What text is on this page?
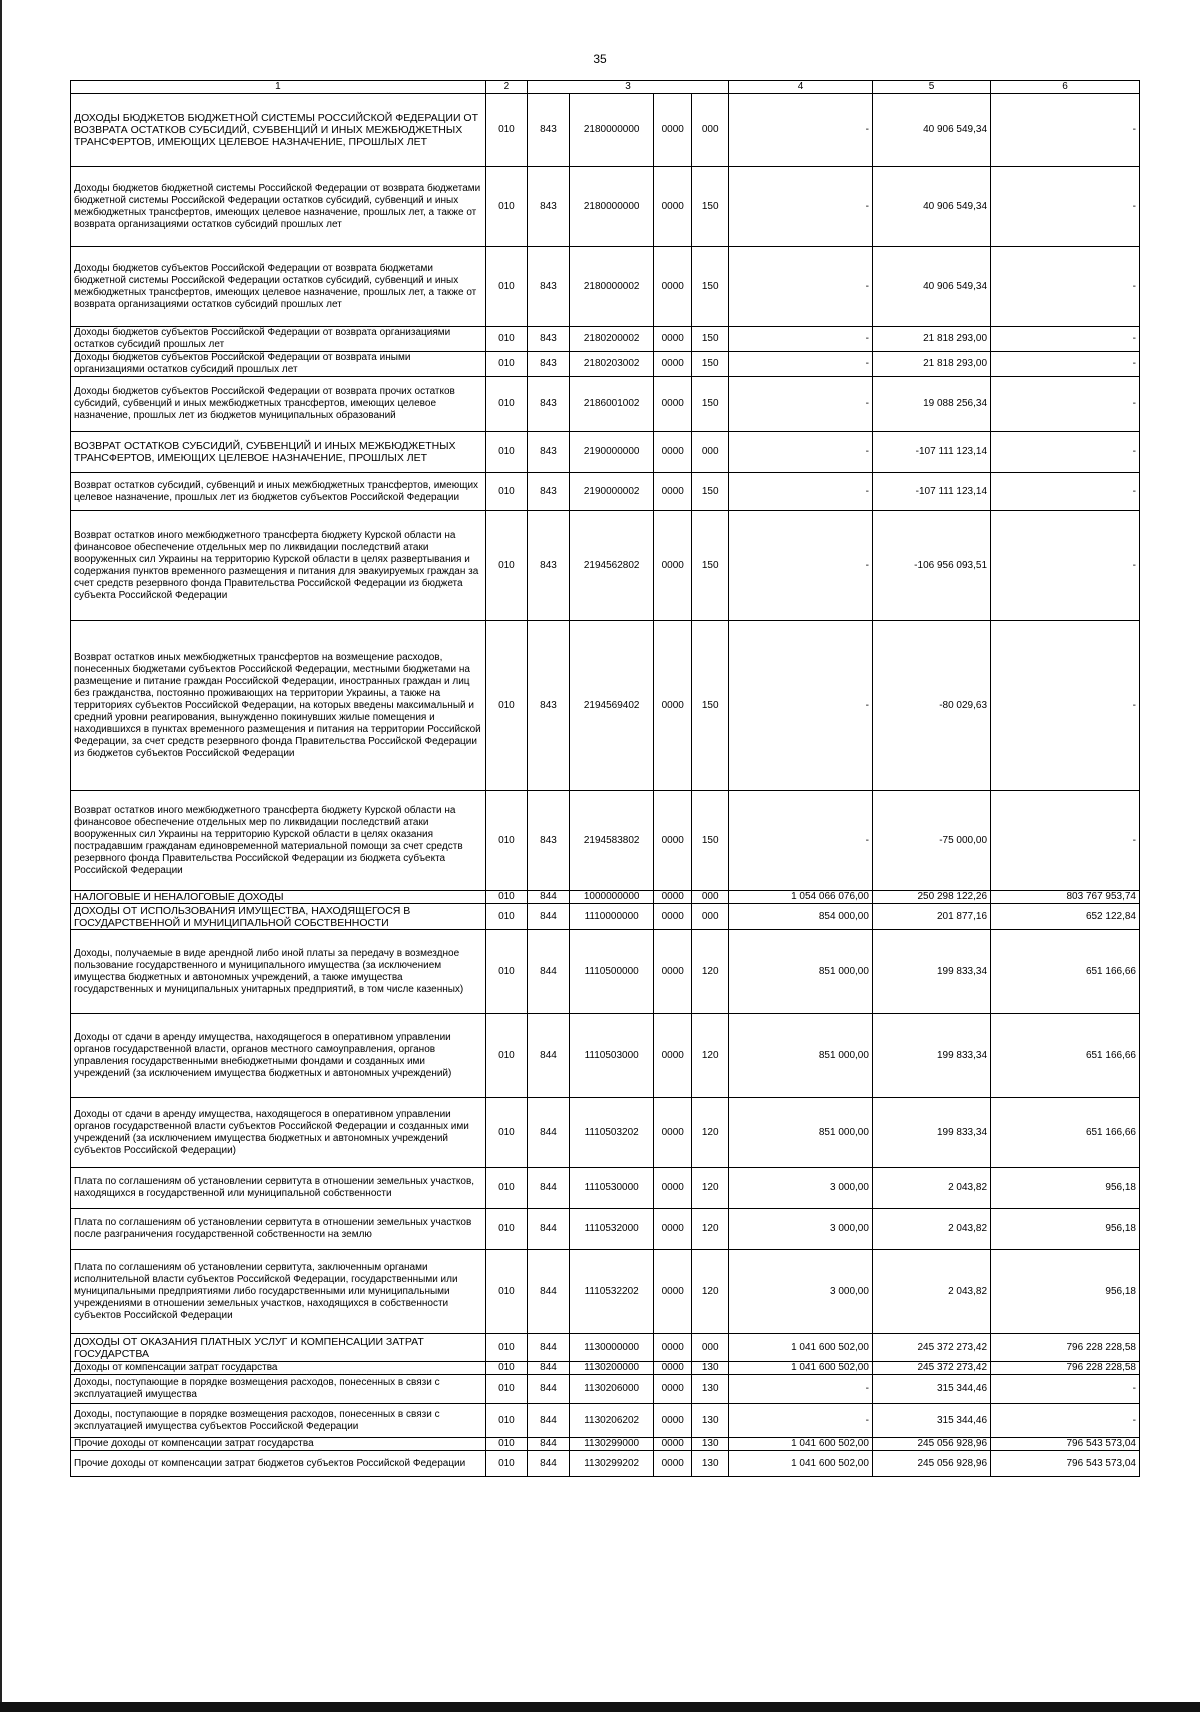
35
1	2	3				4	5	6
ДОХОДЫ БЮДЖЕТОВ БЮДЖЕТНОЙ СИСТЕМЫ РОССИЙСКОЙ ФЕДЕРАЦИИ ОТ ВОЗВРАТА ОСТАТКОВ СУБСИДИЙ, СУБВЕНЦИЙ И ИНЫХ МЕЖБЮДЖЕТНЫХ ТРАНСФЕРТОВ, ИМЕЮЩИХ ЦЕЛЕВОЕ НАЗНАЧЕНИЕ, ПРОШЛЫХ ЛЕТ	010	843	2180000000	0000	000	-	40 906 549,34	-
Доходы бюджетов бюджетной системы Российской Федерации от возврата бюджетами бюджетной системы Российской Федерации остатков субсидий, субвенций и иных межбюджетных трансфертов, имеющих целевое назначение, прошлых лет, а также от возврата организациями остатков субсидий прошлых лет	010	843	2180000000	0000	150	-	40 906 549,34	-
Доходы бюджетов субъектов Российской Федерации от возврата бюджетами бюджетной системы Российской Федерации остатков субсидий, субвенций и иных межбюджетных трансфертов, имеющих целевое назначение, прошлых лет, а также от возврата организациями остатков субсидий прошлых лет	010	843	2180000002	0000	150	-	40 906 549,34	-
Доходы бюджетов субъектов Российской Федерации от возврата организациями остатков субсидий прошлых лет	010	843	2180200002	0000	150	-	21 818 293,00	-
Доходы бюджетов субъектов Российской Федерации от возврата иными организациями остатков субсидий прошлых лет	010	843	2180203002	0000	150	-	21 818 293,00	-
Доходы бюджетов субъектов Российской Федерации от возврата прочих остатков субсидий, субвенций и иных межбюджетных трансфертов, имеющих целевое назначение, прошлых лет из бюджетов муниципальных образований	010	843	2186001002	0000	150	-	19 088 256,34	-
ВОЗВРАТ ОСТАТКОВ СУБСИДИЙ, СУБВЕНЦИЙ И ИНЫХ МЕЖБЮДЖЕТНЫХ ТРАНСФЕРТОВ, ИМЕЮЩИХ ЦЕЛЕВОЕ НАЗНАЧЕНИЕ, ПРОШЛЫХ ЛЕТ	010	843	2190000000	0000	000	-	-107 111 123,14	-
Возврат остатков субсидий, субвенций и иных межбюджетных трансфертов, имеющих целевое назначение, прошлых лет из бюджетов субъектов Российской Федерации	010	843	2190000002	0000	150	-	-107 111 123,14	-
Возврат остатков иного межбюджетного трансферта бюджету Курской области на финансовое обеспечение отдельных мер по ликвидации последствий атаки вооруженных сил Украины на территорию Курской области в целях развертывания и содержания пунктов временного размещения и питания для эвакуируемых граждан за счет средств резервного фонда Правительства Российской Федерации из бюджета субъекта Российской Федерации	010	843	2194562802	0000	150	-	-106 956 093,51	-
Возврат остатков иных межбюджетных трансфертов на возмещение расходов, понесенных бюджетами субъектов Российской Федерации, местными бюджетами на размещение и питание граждан Российской Федерации, иностранных граждан и лиц без гражданства, постоянно проживающих на территории Украины, а также на территориях субъектов Российской Федерации, на которых введены максимальный и средний уровни реагирования, вынужденно покинувших жилые помещения и находившихся в пунктах временного размещения и питания на территории Российской Федерации, за счет средств резервного фонда Правительства Российской Федерации из бюджетов субъектов Российской Федерации	010	843	2194569402	0000	150	-	-80 029,63	-
Возврат остатков иного межбюджетного трансферта бюджету Курской области на финансовое обеспечение отдельных мер по ликвидации последствий атаки вооруженных сил Украины на территорию Курской области в целях оказания пострадавшим гражданам единовременной материальной помощи за счет средств резервного фонда Правительства Российской Федерации из бюджета субъекта Российской Федерации	010	843	2194583802	0000	150	-	-75 000,00	-
НАЛОГОВЫЕ И НЕНАЛОГОВЫЕ ДОХОДЫ	010	844	1000000000	0000	000	1 054 066 076,00	250 298 122,26	803 767 953,74
ДОХОДЫ ОТ ИСПОЛЬЗОВАНИЯ ИМУЩЕСТВА, НАХОДЯЩЕГОСЯ В ГОСУДАРСТВЕННОЙ И МУНИЦИПАЛЬНОЙ СОБСТВЕННОСТИ	010	844	1110000000	0000	000	854 000,00	201 877,16	652 122,84
Доходы, получаемые в виде арендной либо иной платы за передачу в возмездное пользование государственного и муниципального имущества (за исключением имущества бюджетных и автономных учреждений, а также имущества государственных и муниципальных унитарных предприятий, в том числе казенных)	010	844	1110500000	0000	120	851 000,00	199 833,34	651 166,66
Доходы от сдачи в аренду имущества, находящегося в оперативном управлении органов государственной власти, органов местного самоуправления, органов управления государственными внебюджетными фондами и созданных ими учреждений (за исключением имущества бюджетных и автономных учреждений)	010	844	1110503000	0000	120	851 000,00	199 833,34	651 166,66
Доходы от сдачи в аренду имущества, находящегося в оперативном управлении органов государственной власти субъектов Российской Федерации и созданных ими учреждений (за исключением имущества бюджетных и автономных учреждений субъектов Российской Федерации)	010	844	1110503202	0000	120	851 000,00	199 833,34	651 166,66
Плата по соглашениям об установлении сервитута в отношении земельных участков, находящихся в государственной или муниципальной собственности	010	844	1110530000	0000	120	3 000,00	2 043,82	956,18
Плата по соглашениям об установлении сервитута в отношении земельных участков после разграничения государственной собственности на землю	010	844	1110532000	0000	120	3 000,00	2 043,82	956,18
Плата по соглашениям об установлении сервитута, заключенным органами исполнительной власти субъектов Российской Федерации, государственными или муниципальными предприятиями либо государственными или муниципальными учреждениями в отношении земельных участков, находящихся в собственности субъектов Российской Федерации	010	844	1110532202	0000	120	3 000,00	2 043,82	956,18
ДОХОДЫ ОТ ОКАЗАНИЯ ПЛАТНЫХ УСЛУГ И КОМПЕНСАЦИИ ЗАТРАТ ГОСУДАРСТВА	010	844	1130000000	0000	000	1 041 600 502,00	245 372 273,42	796 228 228,58
Доходы от компенсации затрат государства	010	844	1130200000	0000	130	1 041 600 502,00	245 372 273,42	796 228 228,58
Доходы, поступающие в порядке возмещения расходов, понесенных в связи с эксплуатацией имущества	010	844	1130206000	0000	130	-	315 344,46	-
Доходы, поступающие в порядке возмещения расходов, понесенных в связи с эксплуатацией имущества субъектов Российской Федерации	010	844	1130206202	0000	130	-	315 344,46	-
Прочие доходы от компенсации затрат государства	010	844	1130299000	0000	130	1 041 600 502,00	245 056 928,96	796 543 573,04
Прочие доходы от компенсации затрат бюджетов субъектов Российской Федерации	010	844	1130299202	0000	130	1 041 600 502,00	245 056 928,96	796 543 573,04
